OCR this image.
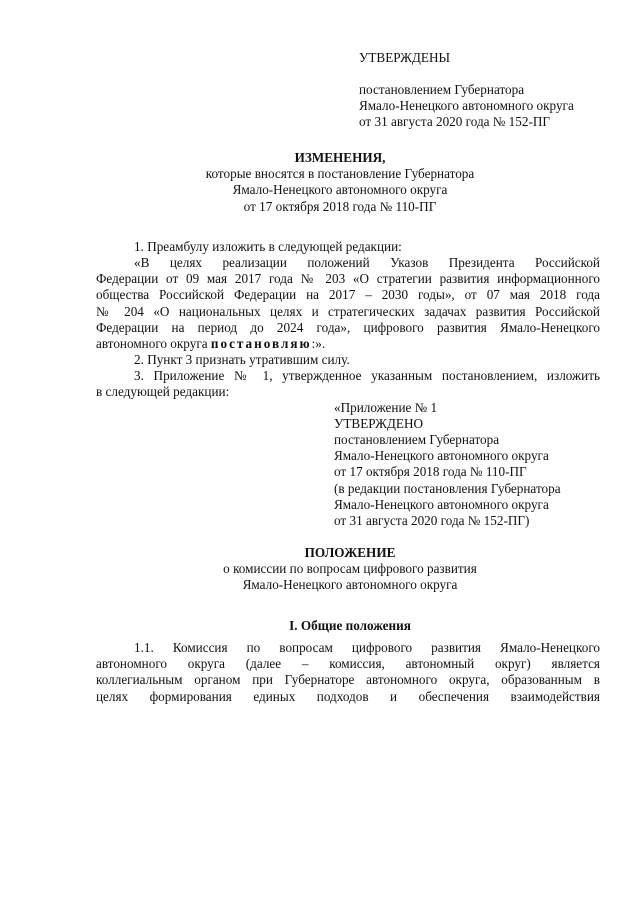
УТВЕРЖДЕНЫ
постановлением Губернатора
Ямало-Ненецкого автономного округа
от 31 августа 2020 года № 152-ПГ
ИЗМЕНЕНИЯ,
которые вносятся в постановление Губернатора
Ямало-Ненецкого автономного округа
от 17 октября 2018 года № 110-ПГ
1. Преамбулу изложить в следующей редакции:
«В целях реализации положений Указов Президента Российской
Федерации от 09 мая 2017 года № 203 «О стратегии развития информационного
общества Российской Федерации на 2017 – 2030 годы», от 07 мая 2018 года
№ 204 «О национальных целях и стратегических задачах развития Российской
Федерации на период до 2024 года», цифрового развития Ямало-Ненецкого
автономного округа постановляю:».
2. Пункт 3 признать утратившим силу.
3. Приложение № 1, утвержденное указанным постановлением, изложить
в следующей редакции:
«Приложение № 1
УТВЕРЖДЕНО
постановлением Губернатора
Ямало-Ненецкого автономного округа
от 17 октября 2018 года № 110-ПГ
(в редакции постановления Губернатора
Ямало-Ненецкого автономного округа
от 31 августа 2020 года № 152-ПГ)
ПОЛОЖЕНИЕ
о комиссии по вопросам цифрового развития
Ямало-Ненецкого автономного округа
I. Общие положения
1.1. Комиссия по вопросам цифрового развития Ямало-Ненецкого
автономного округа (далее – комиссия, автономный округ) является
коллегиальным органом при Губернаторе автономного округа, образованным в
целях формирования единых подходов и обеспечения взаимодействия
